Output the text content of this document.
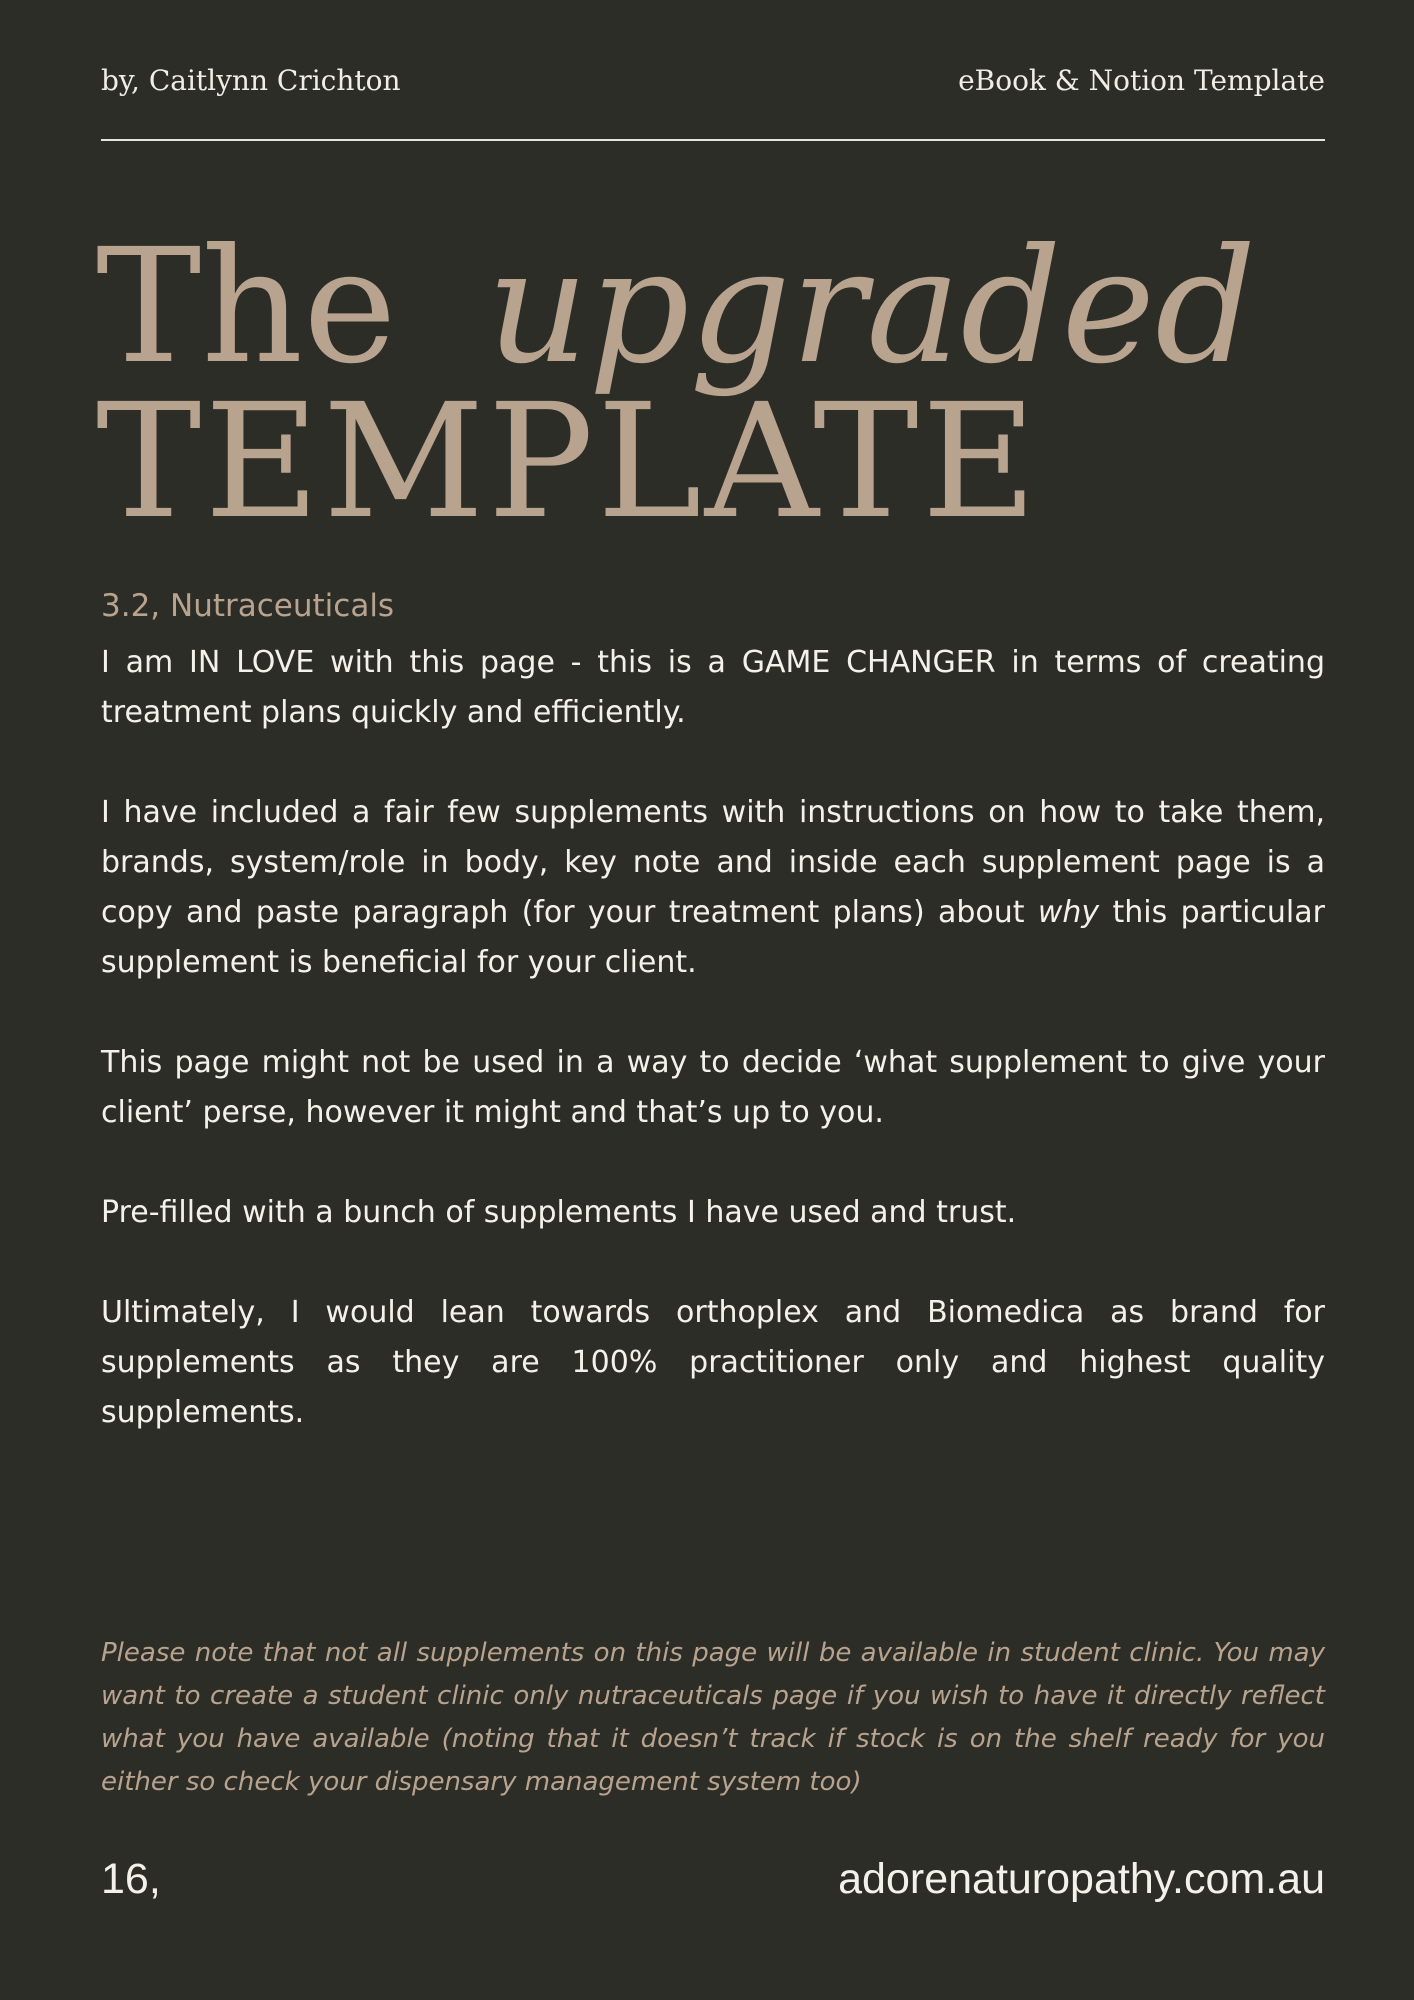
by, Caitlynn Crichton	eBook & Notion Template
The upgraded
TEMPLATE
3.2, Nutraceuticals

I am IN LOVE with this page - this is a GAME CHANGER in terms of creating treatment plans quickly and efficiently.

I have included a fair few supplements with instructions on how to take them, brands, system/role in body, key note and inside each supplement page is a copy and paste paragraph (for your treatment plans) about why this particular supplement is beneficial for your client.

This page might not be used in a way to decide ‘what supplement to give your client’ perse, however it might and that’s up to you.

Pre-filled with a bunch of supplements I have used and trust.

Ultimately, I would lean towards orthoplex and Biomedica as brand for supplements as they are 100% practitioner only and highest quality supplements.

Please note that not all supplements on this page will be available in student clinic. You may want to create a student clinic only nutraceuticals page if you wish to have it directly reflect what you have available (noting that it doesn’t track if stock is on the shelf ready for you either so check your dispensary management system too)
16,	adorenaturopathy.com.au
